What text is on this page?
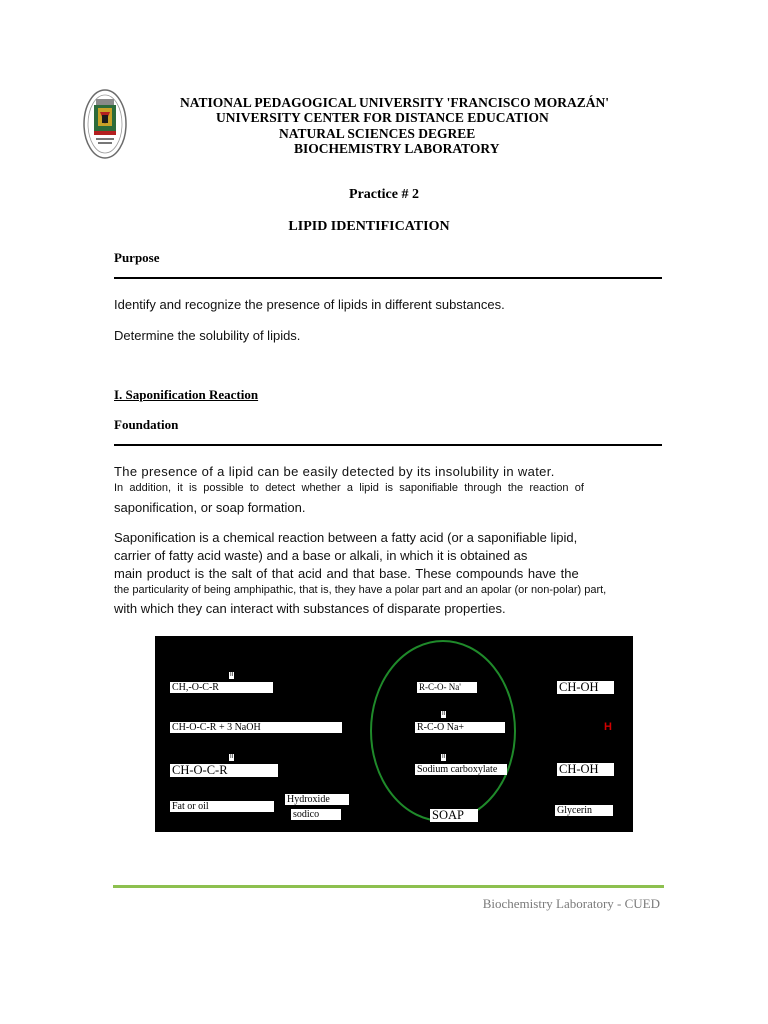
NATIONAL PEDAGOGICAL UNIVERSITY 'FRANCISCO MORAZÁN'
UNIVERSITY CENTER FOR DISTANCE EDUCATION
NATURAL SCIENCES DEGREE
BIOCHEMISTRY LABORATORY
Practice # 2
LIPID IDENTIFICATION
Purpose
Identify and recognize the presence of lipids in different substances.
Determine the solubility of lipids.
I. Saponification Reaction
Foundation
The presence of a lipid can be easily detected by its insolubility in water.
In addition, it is possible to detect whether a lipid is saponifiable through the reaction of
saponification, or soap formation.
Saponification is a chemical reaction between a fatty acid (or a saponifiable lipid,
carrier of fatty acid waste) and a base or alkali, in which it is obtained as
main product is the salt of that acid and that base. These compounds have the
the particularity of being amphipathic, that is, they have a polar part and an apolar (or non-polar) part,
with which they can interact with substances of disparate properties.
II
CH,-O-C-R
CH-O-C-R + 3 NaOH
II
CH-O-C-R
Fat or oil
Hydroxide
sodico
R-C-O- Na'
II
R-C-O Na+
II
Sodium carboxylate
SOAP
CH-OH
H
CH-OH
Glycerin
Biochemistry Laboratory - CUED
